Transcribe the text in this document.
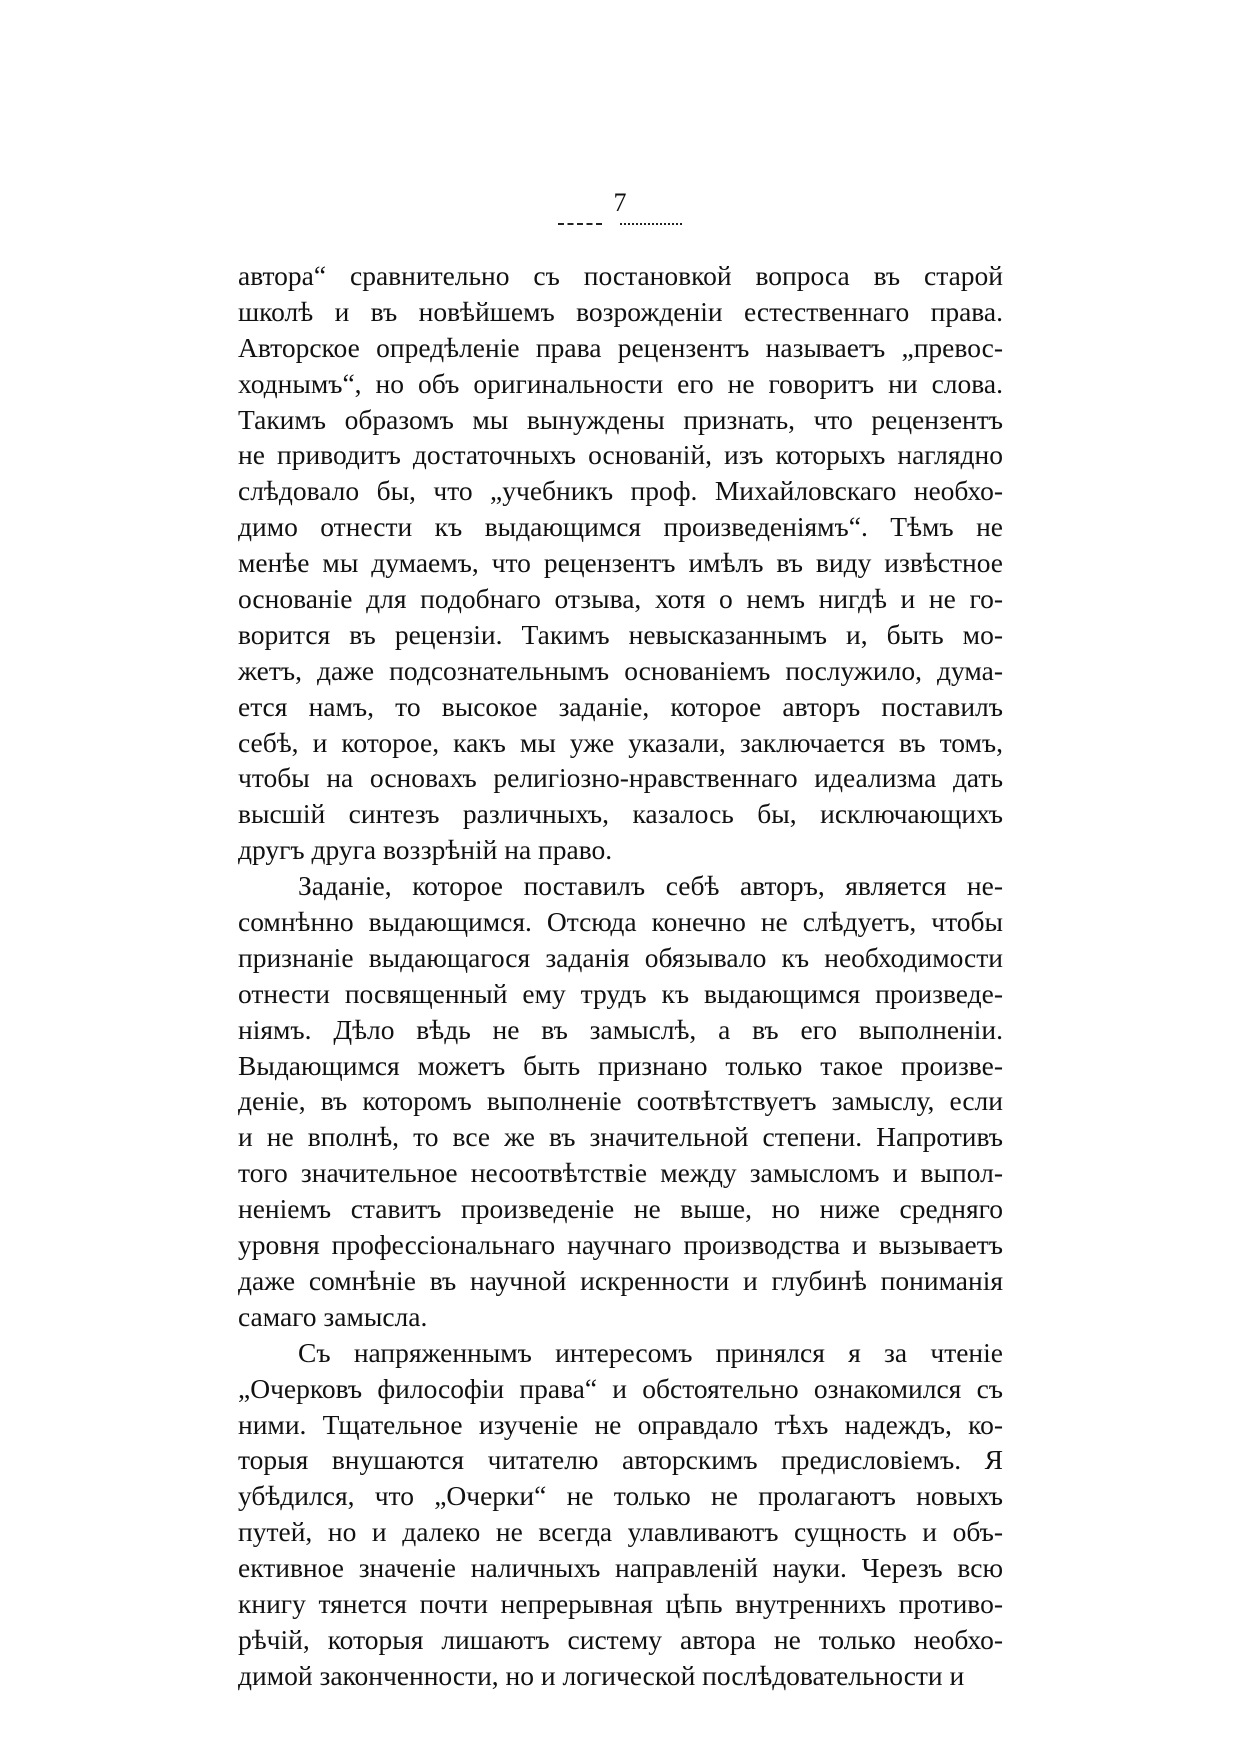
7
автора“ сравнительно съ постановкой вопроса въ старой
школѣ и въ новѣйшемъ возрожденіи естественнаго права.
Авторское опредѣленіе права рецензентъ называетъ „превос-
ходнымъ“, но объ оригинальности его не говоритъ ни слова.
Такимъ образомъ мы вынуждены признать, что рецензентъ
не приводитъ достаточныхъ основаній, изъ которыхъ наглядно
слѣдовало бы, что „учебникъ проф. Михайловскаго необхо-
димо отнести къ выдающимся произведеніямъ“. Тѣмъ не
менѣе мы думаемъ, что рецензентъ имѣлъ въ виду извѣстное
основаніе для подобнаго отзыва, хотя о немъ нигдѣ и не го-
ворится въ рецензіи. Такимъ невысказаннымъ и, быть мо-
жетъ, даже подсознательнымъ основаніемъ послужило, дума-
ется намъ, то высокое заданіе, которое авторъ поставилъ
себѣ, и которое, какъ мы уже указали, заключается въ томъ,
чтобы на основахъ религіозно-нравственнаго идеализма дать
высшій синтезъ различныхъ, казалось бы, исключающихъ
другъ друга воззрѣній на право.
Заданіе, которое поставилъ себѣ авторъ, является не-
сомнѣнно выдающимся. Отсюда конечно не слѣдуетъ, чтобы
признаніе выдающагося заданія обязывало къ необходимости
отнести посвященный ему трудъ къ выдающимся произведе-
ніямъ. Дѣло вѣдь не въ замыслѣ, а въ его выполненіи.
Выдающимся можетъ быть признано только такое произве-
деніе, въ которомъ выполненіе соотвѣтствуетъ замыслу, если
и не вполнѣ, то все же въ значительной степени. Напротивъ
того значительное несоотвѣтствіе между замысломъ и выпол-
неніемъ ставитъ произведеніе не выше, но ниже средняго
уровня профессіональнаго научнаго производства и вызываетъ
даже сомнѣніе въ научной искренности и глубинѣ пониманія
самаго замысла.
Съ напряженнымъ интересомъ принялся я за чтеніе
„Очерковъ философіи права“ и обстоятельно ознакомился съ
ними. Тщательное изученіе не оправдало тѣхъ надеждъ, ко-
торыя внушаются читателю авторскимъ предисловіемъ. Я
убѣдился, что „Очерки“ не только не пролагаютъ новыхъ
путей, но и далеко не всегда улавливаютъ сущность и объ-
ективное значеніе наличныхъ направленій науки. Черезъ всю
книгу тянется почти непрерывная цѣпь внутреннихъ противо-
рѣчій, которыя лишаютъ систему автора не только необхо-
димой законченности, но и логической послѣдовательности и
